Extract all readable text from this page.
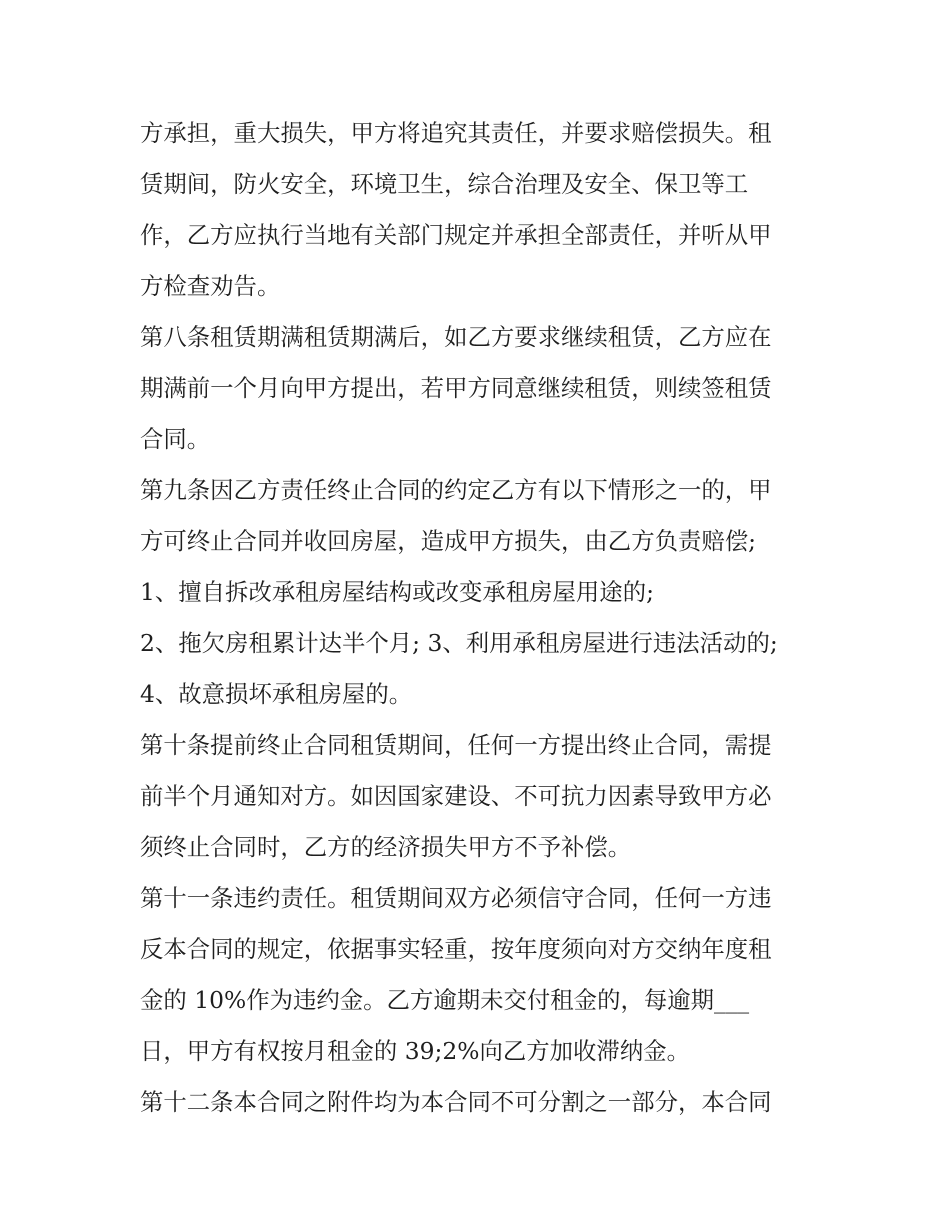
方承担，重大损失，甲方将追究其责任，并要求赔偿损失。租
赁期间，防火安全，环境卫生，综合治理及安全、保卫等工
作，乙方应执行当地有关部门规定并承担全部责任，并听从甲
方检查劝告。
第八条租赁期满租赁期满后，如乙方要求继续租赁，乙方应在
期满前一个月向甲方提出，若甲方同意继续租赁，则续签租赁
合同。
第九条因乙方责任终止合同的约定乙方有以下情形之一的，甲
方可终止合同并收回房屋，造成甲方损失，由乙方负责赔偿;
1、擅自拆改承租房屋结构或改变承租房屋用途的;
2、拖欠房租累计达半个月; 3、利用承租房屋进行违法活动的;
4、故意损坏承租房屋的。
第十条提前终止合同租赁期间，任何一方提出终止合同，需提
前半个月通知对方。如因国家建设、不可抗力因素导致甲方必
须终止合同时，乙方的经济损失甲方不予补偿。
第十一条违约责任。租赁期间双方必须信守合同，任何一方违
反本合同的规定，依据事实轻重，按年度须向对方交纳年度租
金的 10%作为违约金。乙方逾期未交付租金的，每逾期___
日，甲方有权按月租金的 39;2%向乙方加收滞纳金。
第十二条本合同之附件均为本合同不可分割之一部分，本合同
